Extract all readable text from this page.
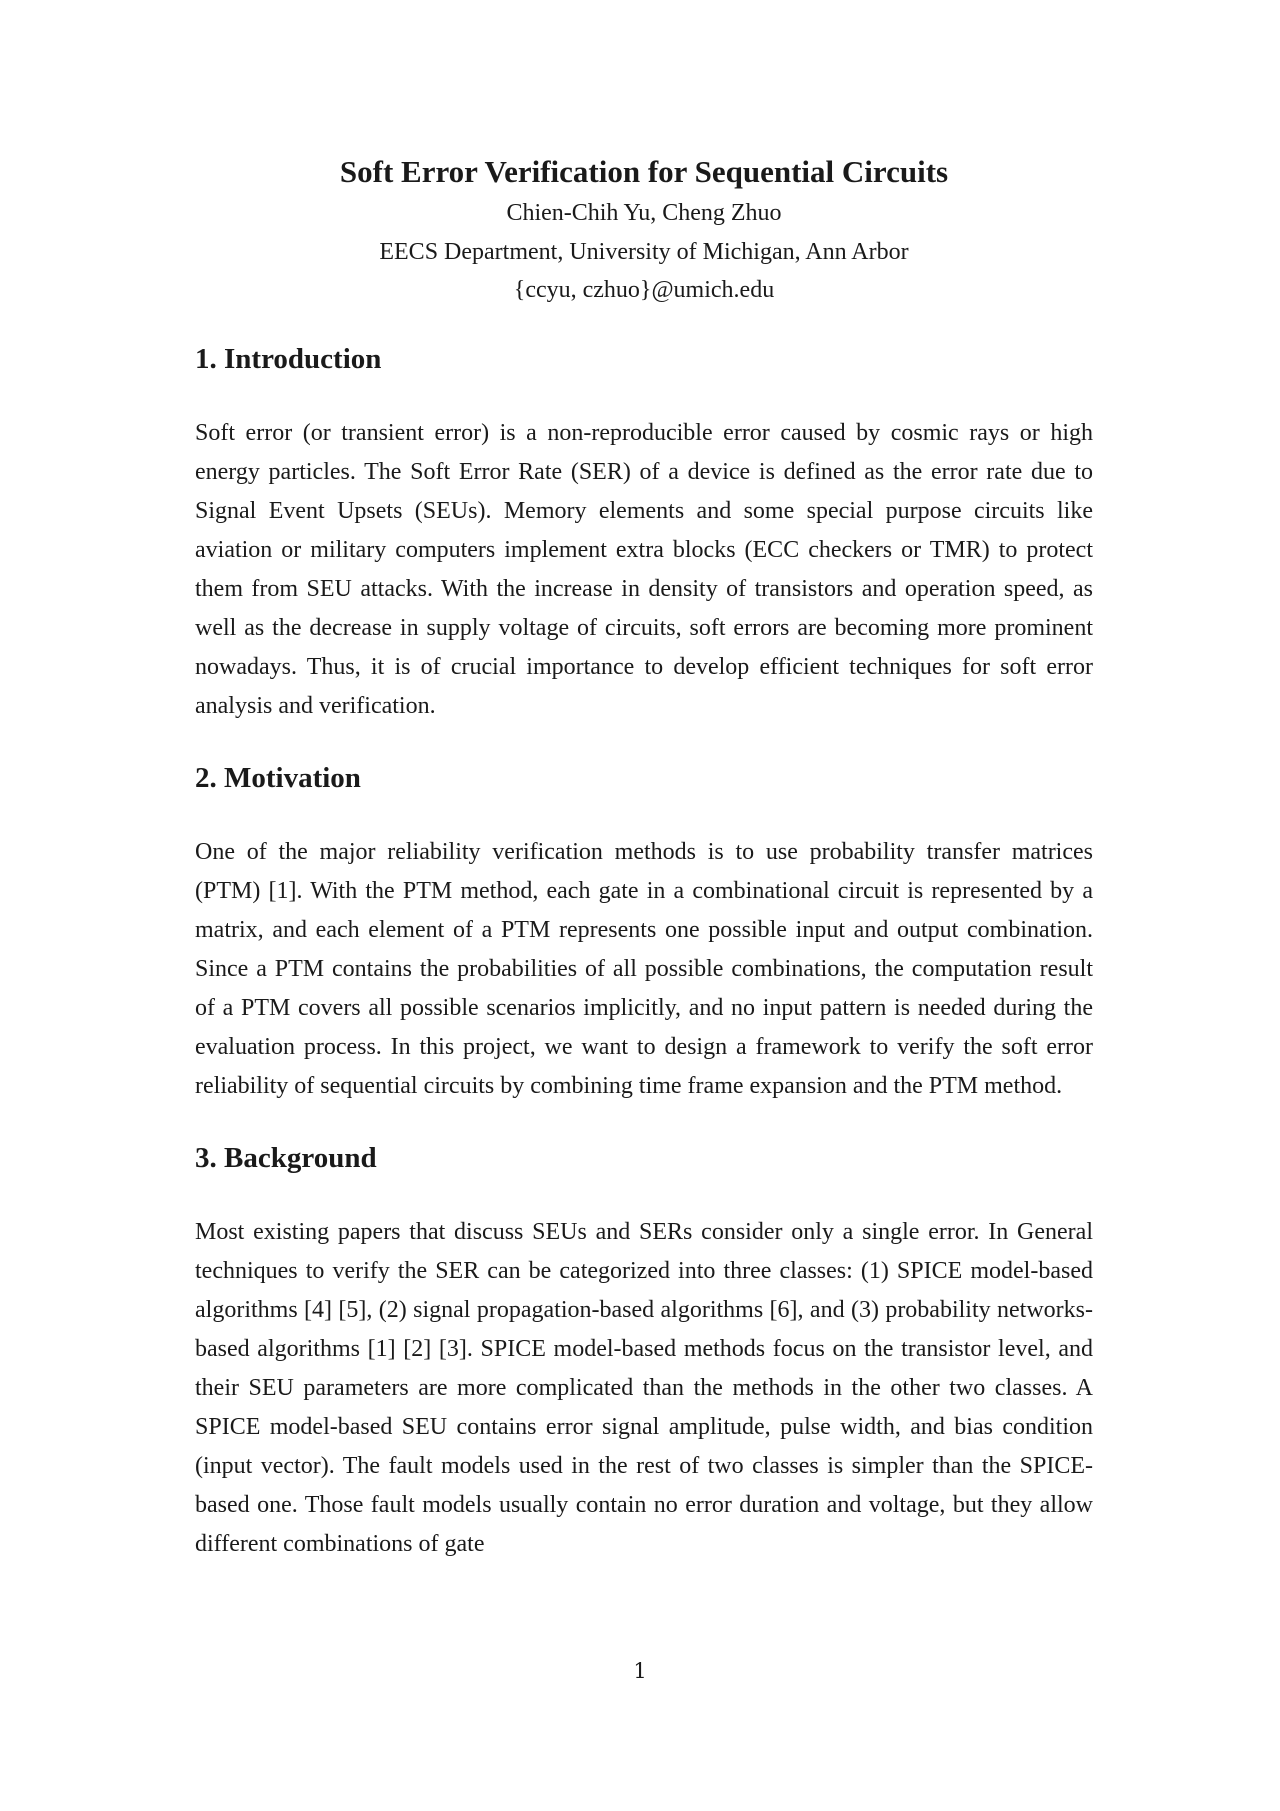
Soft Error Verification for Sequential Circuits

Chien-Chih Yu, Cheng Zhuo

EECS Department, University of Michigan, Ann Arbor

{ccyu, czhuo}@umich.edu

1. Introduction

Soft error (or transient error) is a non-reproducible error caused by cosmic rays or high energy particles. The Soft Error Rate (SER) of a device is defined as the error rate due to Signal Event Upsets (SEUs). Memory elements and some special purpose circuits like aviation or military computers implement extra blocks (ECC checkers or TMR) to protect them from SEU attacks. With the increase in density of transistors and operation speed, as well as the decrease in supply voltage of circuits, soft errors are becoming more prominent nowadays. Thus, it is of crucial importance to develop efficient techniques for soft error analysis and verification.

2. Motivation

One of the major reliability verification methods is to use probability transfer matrices (PTM) [1]. With the PTM method, each gate in a combinational circuit is represented by a matrix, and each element of a PTM represents one possible input and output combination. Since a PTM contains the probabilities of all possible combinations, the computation result of a PTM covers all possible scenarios implicitly, and no input pattern is needed during the evaluation process. In this project, we want to design a framework to verify the soft error reliability of sequential circuits by combining time frame expansion and the PTM method.

3. Background

Most existing papers that discuss SEUs and SERs consider only a single error. In General techniques to verify the SER can be categorized into three classes: (1) SPICE model-based algorithms [4] [5], (2) signal propagation-based algorithms [6], and (3) probability networks-based algorithms [1] [2] [3]. SPICE model-based methods focus on the transistor level, and their SEU parameters are more complicated than the methods in the other two classes. A SPICE model-based SEU contains error signal amplitude, pulse width, and bias condition (input vector). The fault models used in the rest of two classes is simpler than the SPICE-based one. Those fault models usually contain no error duration and voltage, but they allow different combinations of gate

1
